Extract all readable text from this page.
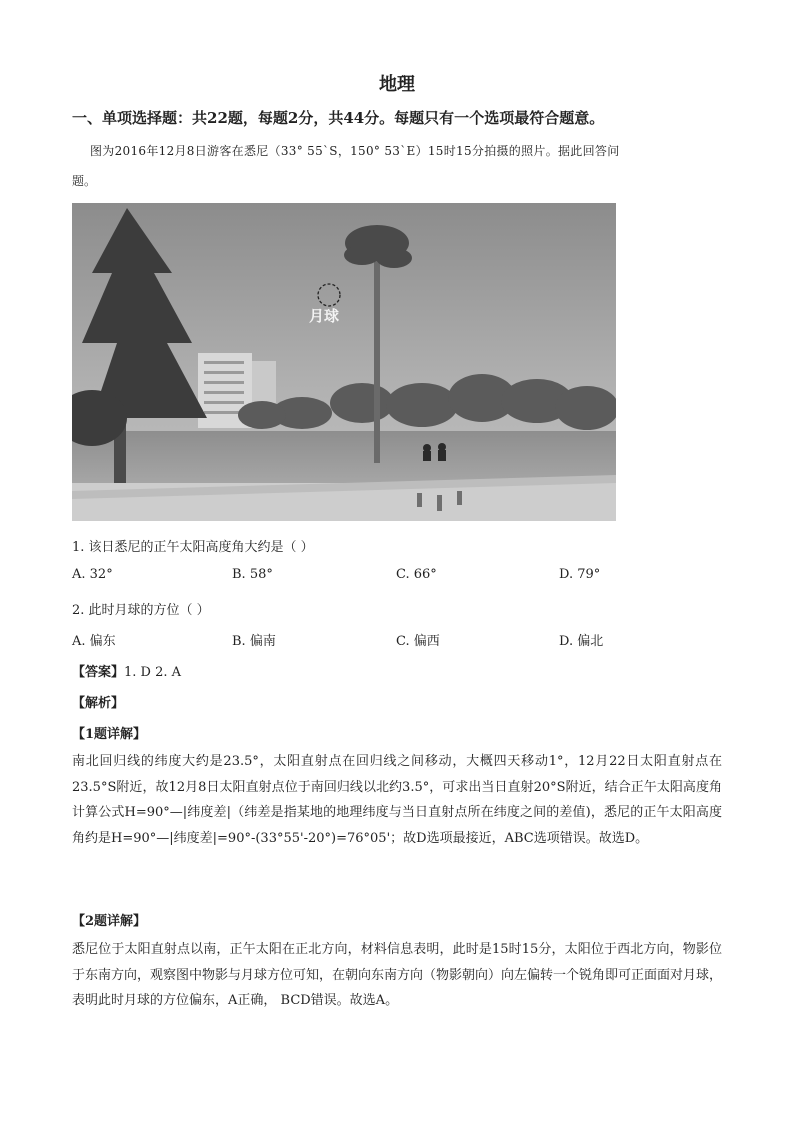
地理
一、单项选择题：共22题，每题2分，共44分。每题只有一个选项最符合题意。
图为2016年12月8日游客在悉尼（33° 55`S，150° 53`E）15时15分拍摄的照片。据此回答问
题。
月球
1. 该日悉尼的正午太阳高度角大约是（ ）
A. 32°	B. 58°	C. 66°	D. 79°
2. 此时月球的方位（ ）
A. 偏东	B. 偏南	C. 偏西	D. 偏北
【答案】1. D 2. A
【解析】
【1题详解】
南北回归线的纬度大约是23.5°，太阳直射点在回归线之间移动，大概四天移动1°，12月22日太阳直射点在23.5°S附近，故12月8日太阳直射点位于南回归线以北约3.5°，可求出当日直射20°S附近，结合正午太阳高度角计算公式H=90°—|纬度差|（纬差是指某地的地理纬度与当日直射点所在纬度之间的差值)，悉尼的正午太阳高度角约是H=90°—|纬度差|=90°-(33°55'-20°)=76°05'；故D选项最接近，ABC选项错误。故选D。
【2题详解】
悉尼位于太阳直射点以南，正午太阳在正北方向，材料信息表明，此时是15时15分，太阳位于西北方向，物影位于东南方向，观察图中物影与月球方位可知，在朝向东南方向（物影朝向）向左偏转一个锐角即可正面面对月球，表明此时月球的方位偏东，A正确， BCD错误。故选A。
